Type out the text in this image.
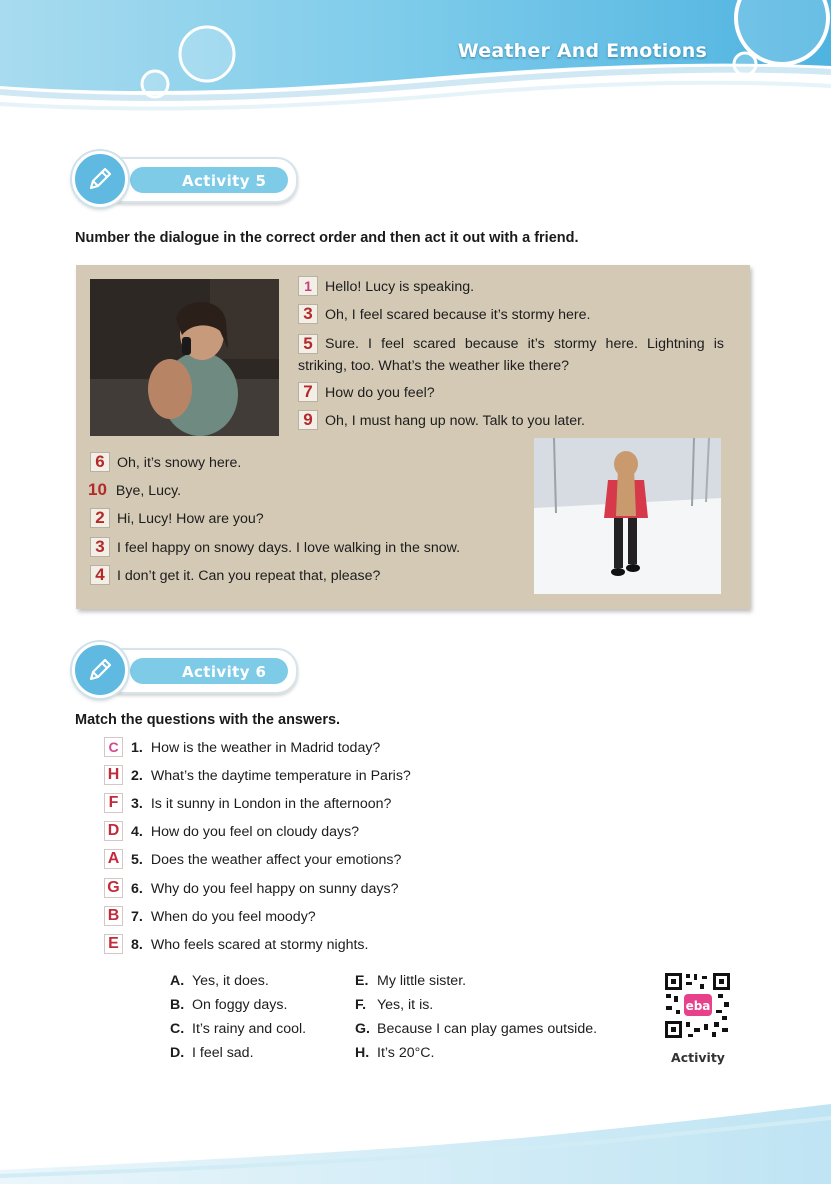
Weather And Emotions
Activity 5
Number the dialogue in the correct order and then act it out with a friend.
1 Hello! Lucy is speaking.
3 Oh, I feel scared because it’s stormy here.
5 Sure. I feel scared because it’s stormy here. Lightning is striking, too. What’s the weather like there?
7 How do you feel?
9 Oh, I must hang up now. Talk to you later.
6 Oh, it’s snowy here.
10 Bye, Lucy.
2 Hi, Lucy! How are you?
3 I feel happy on snowy days. I love walking in the snow.
4 I don’t get it. Can you repeat that, please?
Activity 6
Match the questions with the answers.
C 1. How is the weather in Madrid today?
H 2. What’s the daytime temperature in Paris?
F 3. Is it sunny in London in the afternoon?
D 4. How do you feel on cloudy days?
A 5. Does the weather affect your emotions?
G 6. Why do you feel happy on sunny days?
B 7. When do you feel moody?
E 8. Who feels scared at stormy nights.
A. Yes, it does.
B. On foggy days.
C. It’s rainy and cool.
D. I feel sad.
E. My little sister.
F. Yes, it is.
G. Because I can play games outside.
H. It’s 20°C.
eba
Activity
